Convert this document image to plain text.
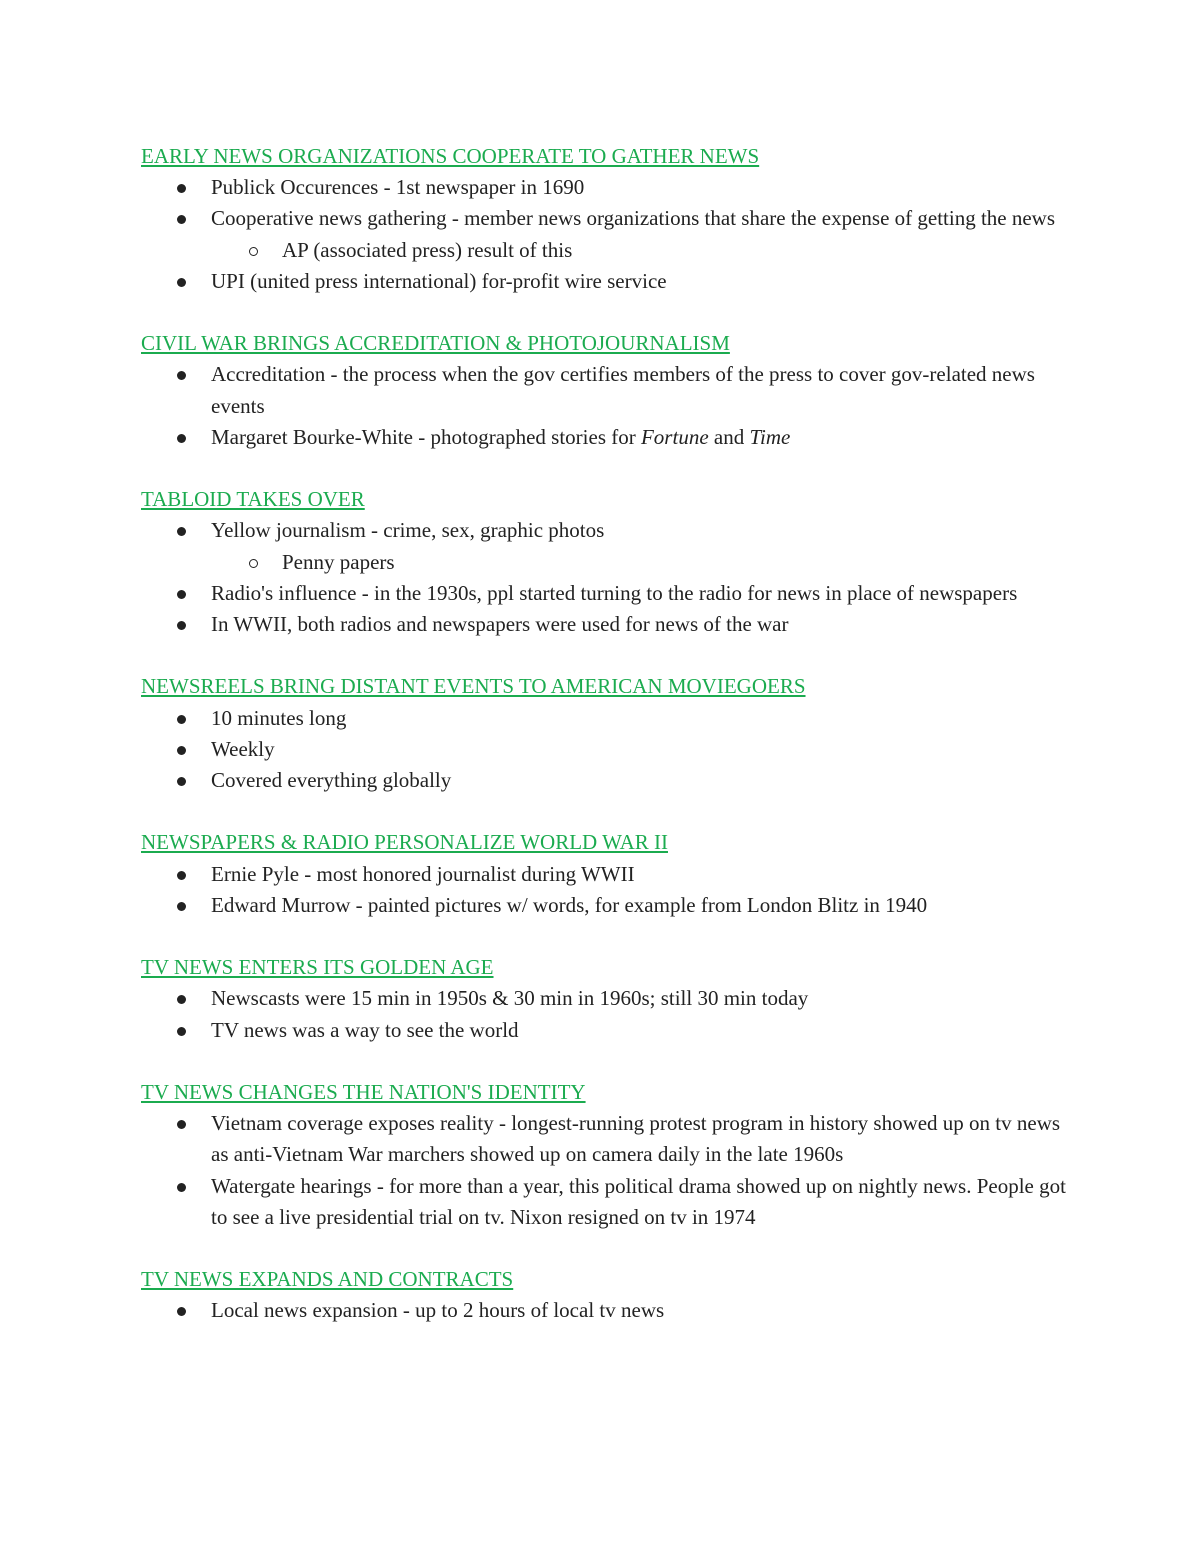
EARLY NEWS ORGANIZATIONS COOPERATE TO GATHER NEWS
Publick Occurences - 1st newspaper in 1690
Cooperative news gathering - member news organizations that share the expense of getting the news
AP (associated press) result of this
UPI (united press international) for-profit wire service
CIVIL WAR BRINGS ACCREDITATION & PHOTOJOURNALISM
Accreditation - the process when the gov certifies members of the press to cover gov-related news events
Margaret Bourke-White - photographed stories for Fortune and Time
TABLOID TAKES OVER
Yellow journalism - crime, sex, graphic photos
Penny papers
Radio's influence - in the 1930s, ppl started turning to the radio for news in place of newspapers
In WWII, both radios and newspapers were used for news of the war
NEWSREELS BRING DISTANT EVENTS TO AMERICAN MOVIEGOERS
10 minutes long
Weekly
Covered everything globally
NEWSPAPERS & RADIO PERSONALIZE WORLD WAR II
Ernie Pyle - most honored journalist during WWII
Edward Murrow - painted pictures w/ words, for example from London Blitz in 1940
TV NEWS ENTERS ITS GOLDEN AGE
Newscasts were 15 min in 1950s & 30 min in 1960s; still 30 min today
TV news was a way to see the world
TV NEWS CHANGES THE NATION'S IDENTITY
Vietnam coverage exposes reality - longest-running protest program in history showed up on tv news as anti-Vietnam War marchers showed up on camera daily in the late 1960s
Watergate hearings - for more than a year, this political drama showed up on nightly news. People got to see a live presidential trial on tv. Nixon resigned on tv in 1974
TV NEWS EXPANDS AND CONTRACTS
Local news expansion - up to 2 hours of local tv news
